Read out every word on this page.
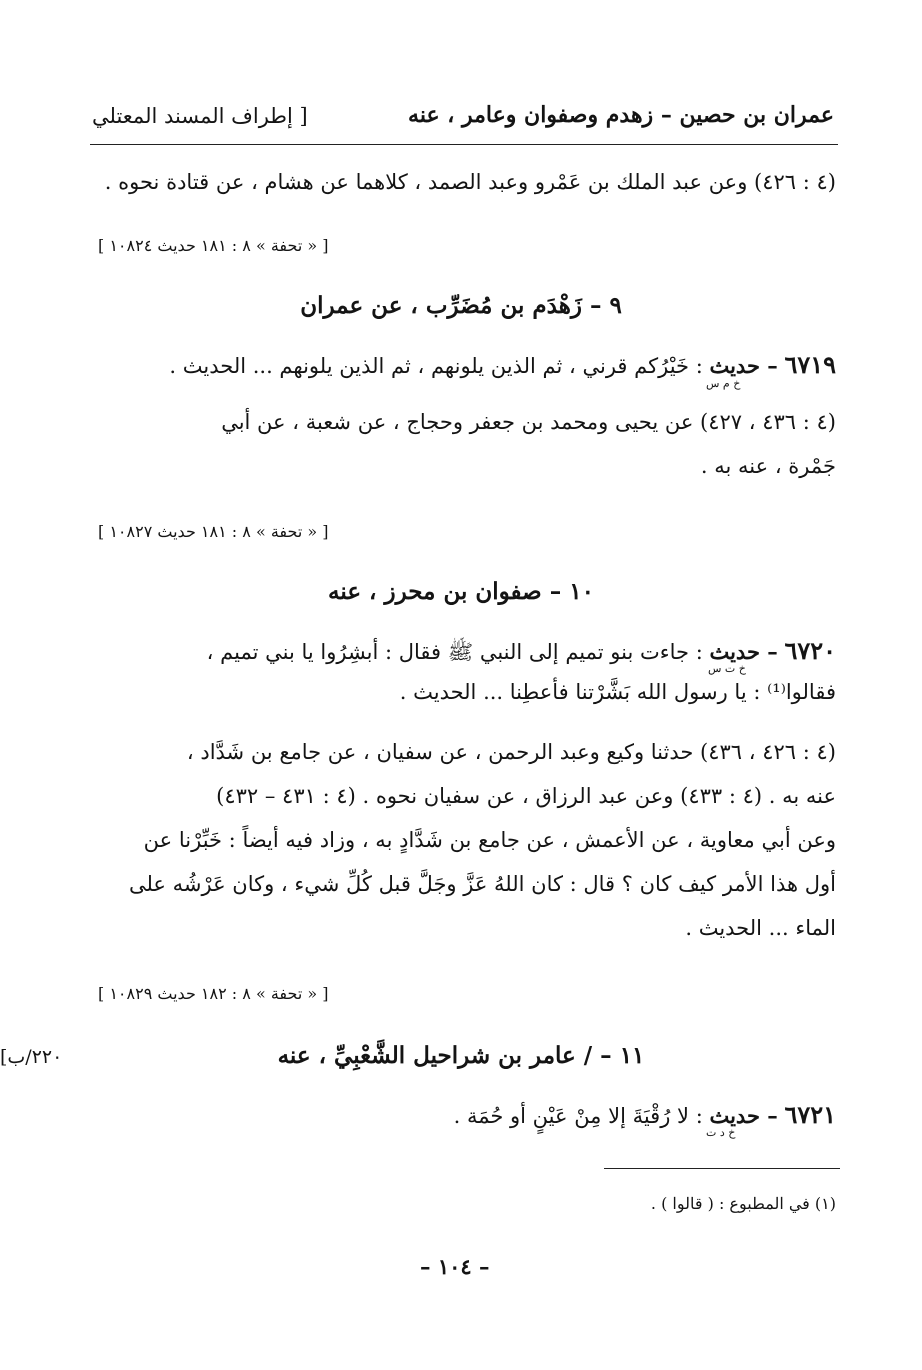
عمران بن حصين – زهدم وصفوان وعامر ، عنه
[ إطراف المسند المعتلي
(٤ : ٤٢٦) وعن عبد الملك بن عَمْرو وعبد الصمد ، كلاهما عن هشام ، عن قتادة نحوه .
[ « تحفة » ٨ : ١٨١ حديث ١٠٨٢٤ ]
٩ – زَهْدَم بن مُضَرِّب ، عن عمران
٦٧١٩ – حديث : خَيْرُكم قرني ، ثم الذين يلونهم ، ثم الذين يلونهم ... الحديث .
خ م س
(٤ : ٤٣٦ ، ٤٢٧) عن يحيى ومحمد بن جعفر وحجاج ، عن شعبة ، عن أبي
جَمْرة ، عنه به .
[ « تحفة » ٨ : ١٨١ حديث ١٠٨٢٧ ]
١٠ – صفوان بن محرز ، عنه
٦٧٢٠ – حديث : جاءت بنو تميم إلى النبي ﷺ فقال : أبشِرُوا يا بني تميم ،
خ ت س
فقالوا⁽¹⁾ : يا رسول الله بَشَّرْتنا فأعطِنا ... الحديث .
(٤ : ٤٢٦ ، ٤٣٦) حدثنا وكيع وعبد الرحمن ، عن سفيان ، عن جامع بن شَدَّاد ،
عنه به . (٤ : ٤٣٣) وعن عبد الرزاق ، عن سفيان نحوه . (٤ : ٤٣١ – ٤٣٢)
وعن أبي معاوية ، عن الأعمش ، عن جامع بن شَدَّادٍ به ، وزاد فيه أيضاً : خَبِّرْنا عن
أول هذا الأمر كيف كان ؟ قال : كان اللهُ عَزَّ وجَلَّ قبل كُلِّ شيء ، وكان عَرْشُه على
الماء ... الحديث .
[ « تحفة » ٨ : ١٨٢ حديث ١٠٨٢٩ ]
[٢٢٠/ب	١١ – / عامر بن شراحيل الشَّعْبِيِّ ، عنه
٦٧٢١ – حديث : لا رُقْيَةَ إلا مِنْ عَيْنٍ أو حُمَة .
خ د ت
(١) في المطبوع : ( قالوا ) .
– ١٠٤ –
